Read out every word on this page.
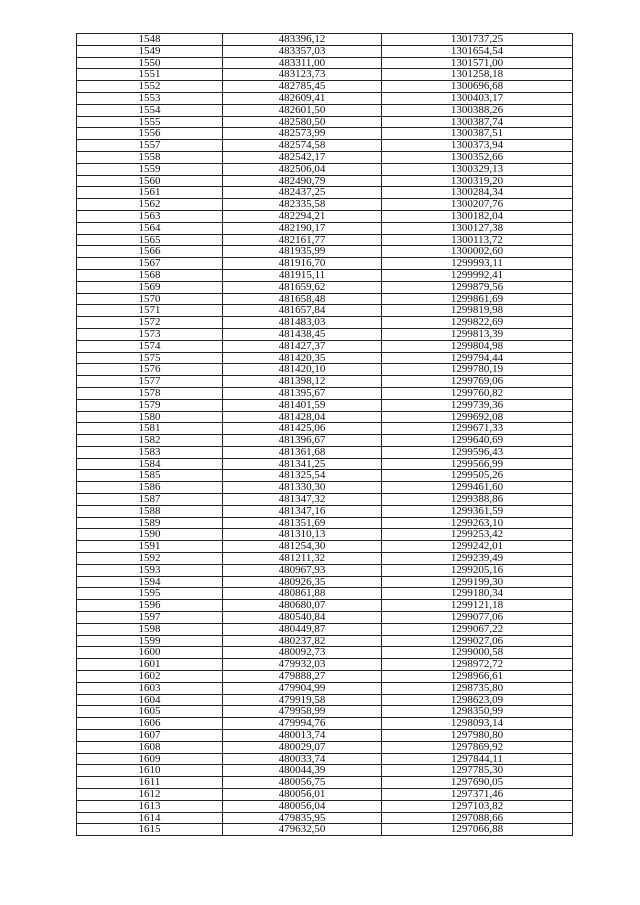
1548	483396,12	1301737,25
1549	483357,03	1301654,54
1550	483311,00	1301571,00
1551	483123,73	1301258,18
1552	482785,45	1300696,68
1553	482609,41	1300403,17
1554	482601,50	1300388,26
1555	482580,50	1300387,74
1556	482573,99	1300387,51
1557	482574,58	1300373,94
1558	482542,17	1300352,66
1559	482506,04	1300329,13
1560	482490,79	1300319,20
1561	482437,25	1300284,34
1562	482335,58	1300207,76
1563	482294,21	1300182,04
1564	482190,17	1300127,38
1565	482161,77	1300113,72
1566	481935,99	1300002,60
1567	481916,70	1299993,11
1568	481915,11	1299992,41
1569	481659,62	1299879,56
1570	481658,48	1299861,69
1571	481657,84	1299819,98
1572	481483,03	1299822,69
1573	481438,45	1299813,39
1574	481427,37	1299804,98
1575	481420,35	1299794,44
1576	481420,10	1299780,19
1577	481398,12	1299769,06
1578	481395,67	1299760,82
1579	481401,59	1299739,36
1580	481428,04	1299692,08
1581	481425,06	1299671,33
1582	481396,67	1299640,69
1583	481361,68	1299596,43
1584	481341,25	1299566,99
1585	481325,54	1299505,26
1586	481330,30	1299461,60
1587	481347,32	1299388,86
1588	481347,16	1299361,59
1589	481351,69	1299263,10
1590	481310,13	1299253,42
1591	481254,30	1299242,01
1592	481211,32	1299239,49
1593	480967,93	1299205,16
1594	480926,35	1299199,30
1595	480861,88	1299180,34
1596	480680,07	1299121,18
1597	480540,84	1299077,06
1598	480449,87	1299067,22
1599	480237,82	1299027,06
1600	480092,73	1299000,58
1601	479932,03	1298972,72
1602	479888,27	1298966,61
1603	479904,99	1298735,80
1604	479919,58	1298623,09
1605	479958,99	1298350,99
1606	479994,76	1298093,14
1607	480013,74	1297980,80
1608	480029,07	1297869,92
1609	480033,74	1297844,11
1610	480044,39	1297785,30
1611	480056,75	1297690,05
1612	480056,01	1297371,46
1613	480056,04	1297103,82
1614	479835,95	1297088,66
1615	479632,50	1297066,88
